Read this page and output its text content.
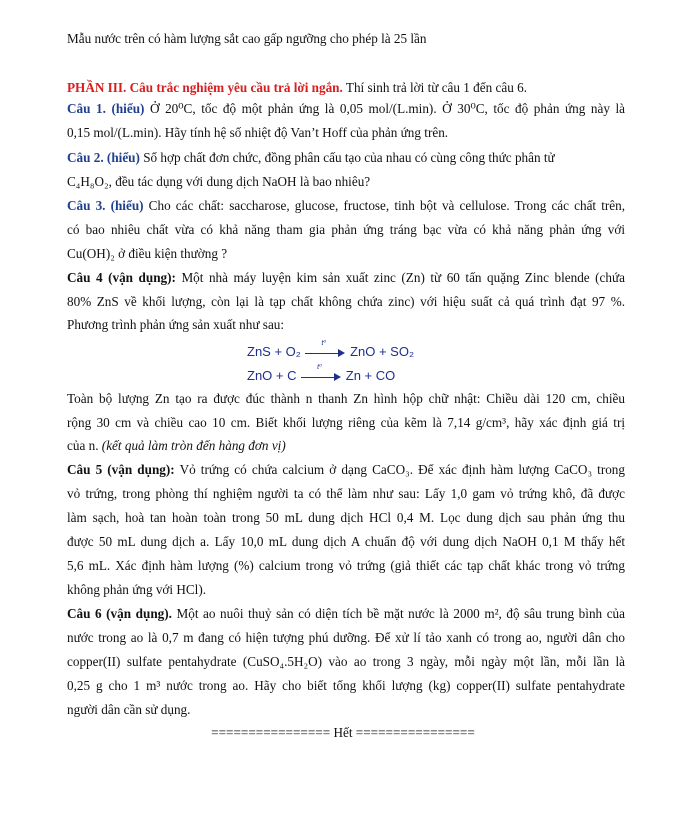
Mẫu nước trên có hàm lượng sắt cao gấp ngưỡng cho phép là 25 lần
PHẦN III. Câu trắc nghiệm yêu cầu trả lời ngắn. Thí sinh trả lời từ câu 1 đến câu 6.
Câu 1. (hiểu) Ở 20⁰C, tốc độ một phản ứng là 0,05 mol/(L.min). Ở 30⁰C, tốc độ phản ứng này là
0,15 mol/(L.min). Hãy tính hệ số nhiệt độ Van’t Hoff của phản ứng trên.
Câu 2. (hiểu) Số hợp chất đơn chức, đồng phân cấu tạo của nhau có cùng công thức phân tử
C₄H₈O₂, đều tác dụng với dung dịch NaOH là bao nhiêu?
Câu 3. (hiểu) Cho các chất: saccharose, glucose, fructose, tinh bột và cellulose. Trong các chất trên,
có bao nhiêu chất vừa có khả năng tham gia phản ứng tráng bạc vừa có khả năng phản ứng với
Cu(OH)₂ ở điều kiện thường ?
Câu 4 (vận dụng): Một nhà máy luyện kim sản xuất zinc (Zn) từ 60 tấn quặng Zinc blende (chứa
80% ZnS về khối lượng, còn lại là tạp chất không chứa zinc) với hiệu suất cả quá trình đạt 97 %.
Phương trình phản ứng sản xuất như sau:
ZnS + O₂
t⁰
ZnO + SO₂
ZnO + C
t⁰
Zn + CO
Toàn bộ lượng Zn tạo ra được đúc thành n thanh Zn hình hộp chữ nhật: Chiều dài 120 cm, chiều
rộng 30 cm và chiều cao 10 cm. Biết khối lượng riêng của kẽm là 7,14 g/cm³, hãy xác định giá trị
của n. (kết quả làm tròn đến hàng đơn vị)
Câu 5 (vận dụng): Vỏ trứng có chứa calcium ở dạng CaCO₃. Để xác định hàm lượng CaCO₃ trong
vỏ trứng, trong phòng thí nghiệm người ta có thể làm như sau: Lấy 1,0 gam vỏ trứng khô, đã được
làm sạch, hoà tan hoàn toàn trong 50 mL dung dịch HCl 0,4 M. Lọc dung dịch sau phản ứng thu
được 50 mL dung dịch a. Lấy 10,0 mL dung dịch A chuẩn độ với dung dịch NaOH 0,1 M thấy hết
5,6 mL. Xác định hàm lượng (%) calcium trong vỏ trứng (giả thiết các tạp chất khác trong vỏ trứng
không phản ứng với HCl).
Câu 6 (vận dụng). Một ao nuôi thuỷ sản có diện tích bề mặt nước là 2000 m², độ sâu trung bình của
nước trong ao là 0,7 m đang có hiện tượng phú dưỡng. Để xử lí tảo xanh có trong ao, người dân cho
copper(II) sulfate pentahydrate (CuSO₄.5H₂O) vào ao trong 3 ngày, mỗi ngày một lần, mỗi lần là
0,25 g cho 1 m³ nước trong ao. Hãy cho biết tổng khối lượng (kg) copper(II) sulfate pentahydrate
người dân cần sử dụng.
================ Hết ================
